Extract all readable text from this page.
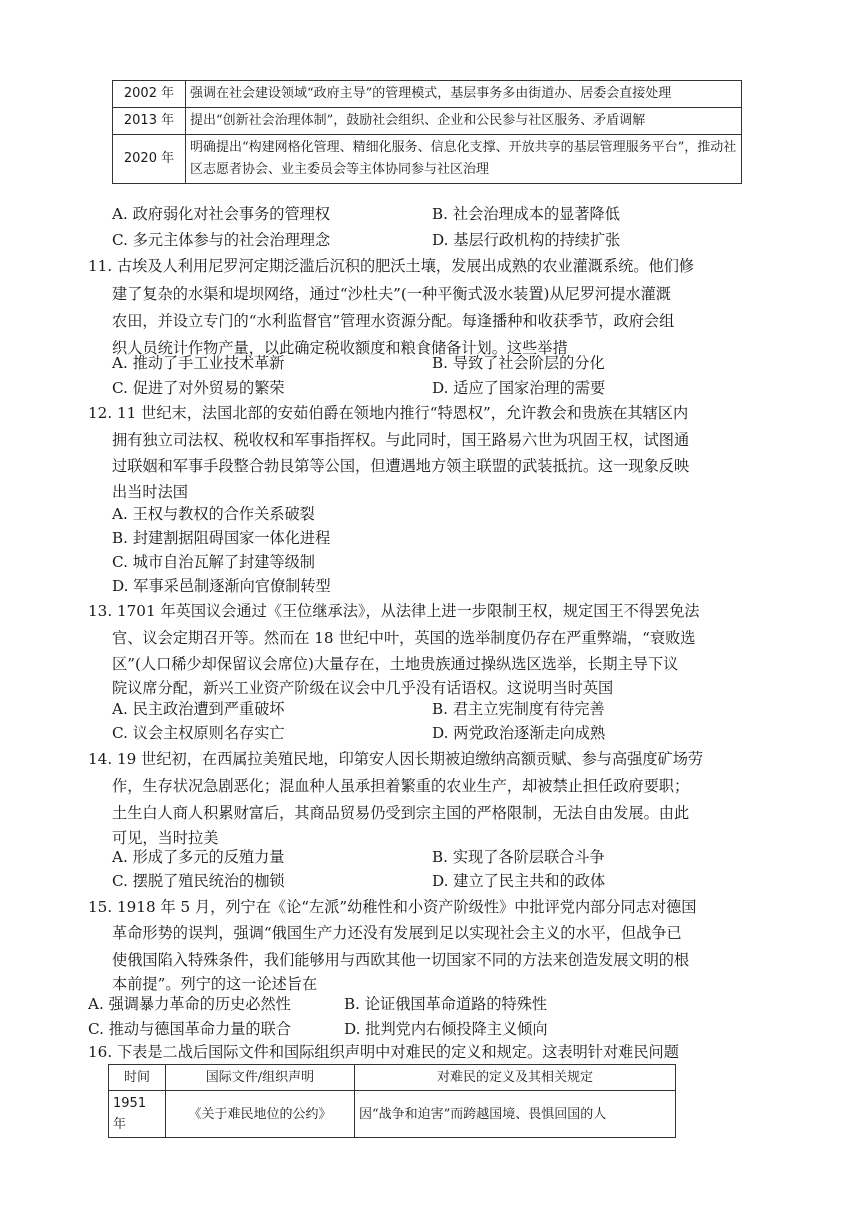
2002 年	强调在社会建设领域“政府主导”的管理模式，基层事务多由街道办、居委会直接处理
2013 年	提出“创新社会治理体制”，鼓励社会组织、企业和公民参与社区服务、矛盾调解
2020 年	明确提出“构建网格化管理、精细化服务、信息化支撑、开放共享的基层管理服务平台”，推动社区志愿者协会、业主委员会等主体协同参与社区治理
A. 政府弱化对社会事务的管理权	B. 社会治理成本的显著降低
C. 多元主体参与的社会治理理念	D. 基层行政机构的持续扩张
11. 古埃及人利用尼罗河定期泛滥后沉积的肥沃土壤，发展出成熟的农业灌溉系统。他们修
建了复杂的水渠和堤坝网络，通过“沙杜夫”(一种平衡式汲水装置)从尼罗河提水灌溉
农田，并设立专门的“水利监督官”管理水资源分配。每逢播种和收获季节，政府会组
织人员统计作物产量，以此确定税收额度和粮食储备计划。这些举措
A. 推动了手工业技术革新	B. 导致了社会阶层的分化
C. 促进了对外贸易的繁荣	D. 适应了国家治理的需要
12. 11 世纪末，法国北部的安茹伯爵在领地内推行“特恩权”，允许教会和贵族在其辖区内
拥有独立司法权、税收权和军事指挥权。与此同时，国王路易六世为巩固王权，试图通
过联姻和军事手段整合勃艮第等公国，但遭遇地方领主联盟的武装抵抗。这一现象反映
出当时法国
A. 王权与教权的合作关系破裂
B. 封建割据阻碍国家一体化进程
C. 城市自治瓦解了封建等级制
D. 军事采邑制逐渐向官僚制转型
13. 1701 年英国议会通过《王位继承法》，从法律上进一步限制王权，规定国王不得罢免法
官、议会定期召开等。然而在 18 世纪中叶，英国的选举制度仍存在严重弊端，“衰败选
区”(人口稀少却保留议会席位)大量存在，土地贵族通过操纵选区选举，长期主导下议
院议席分配，新兴工业资产阶级在议会中几乎没有话语权。这说明当时英国
A. 民主政治遭到严重破坏	B. 君主立宪制度有待完善
C. 议会主权原则名存实亡	D. 两党政治逐渐走向成熟
14. 19 世纪初，在西属拉美殖民地，印第安人因长期被迫缴纳高额贡赋、参与高强度矿场劳
作，生存状况急剧恶化；混血种人虽承担着繁重的农业生产，却被禁止担任政府要职；
土生白人商人积累财富后，其商品贸易仍受到宗主国的严格限制，无法自由发展。由此
可见，当时拉美
A. 形成了多元的反殖力量	B. 实现了各阶层联合斗争
C. 摆脱了殖民统治的枷锁	D. 建立了民主共和的政体
15. 1918 年 5 月，列宁在《论“左派”幼稚性和小资产阶级性》中批评党内部分同志对德国
革命形势的误判，强调“俄国生产力还没有发展到足以实现社会主义的水平，但战争已
使俄国陷入特殊条件，我们能够用与西欧其他一切国家不同的方法来创造发展文明的根
本前提”。列宁的这一论述旨在
A. 强调暴力革命的历史必然性	B. 论证俄国革命道路的特殊性
C. 推动与德国革命力量的联合	D. 批判党内右倾投降主义倾向
16. 下表是二战后国际文件和国际组织声明中对难民的定义和规定。这表明针对难民问题
时间	国际文件/组织声明	对难民的定义及其相关规定
1951 年	《关于难民地位的公约》	因“战争和迫害”而跨越国境、畏惧回国的人
